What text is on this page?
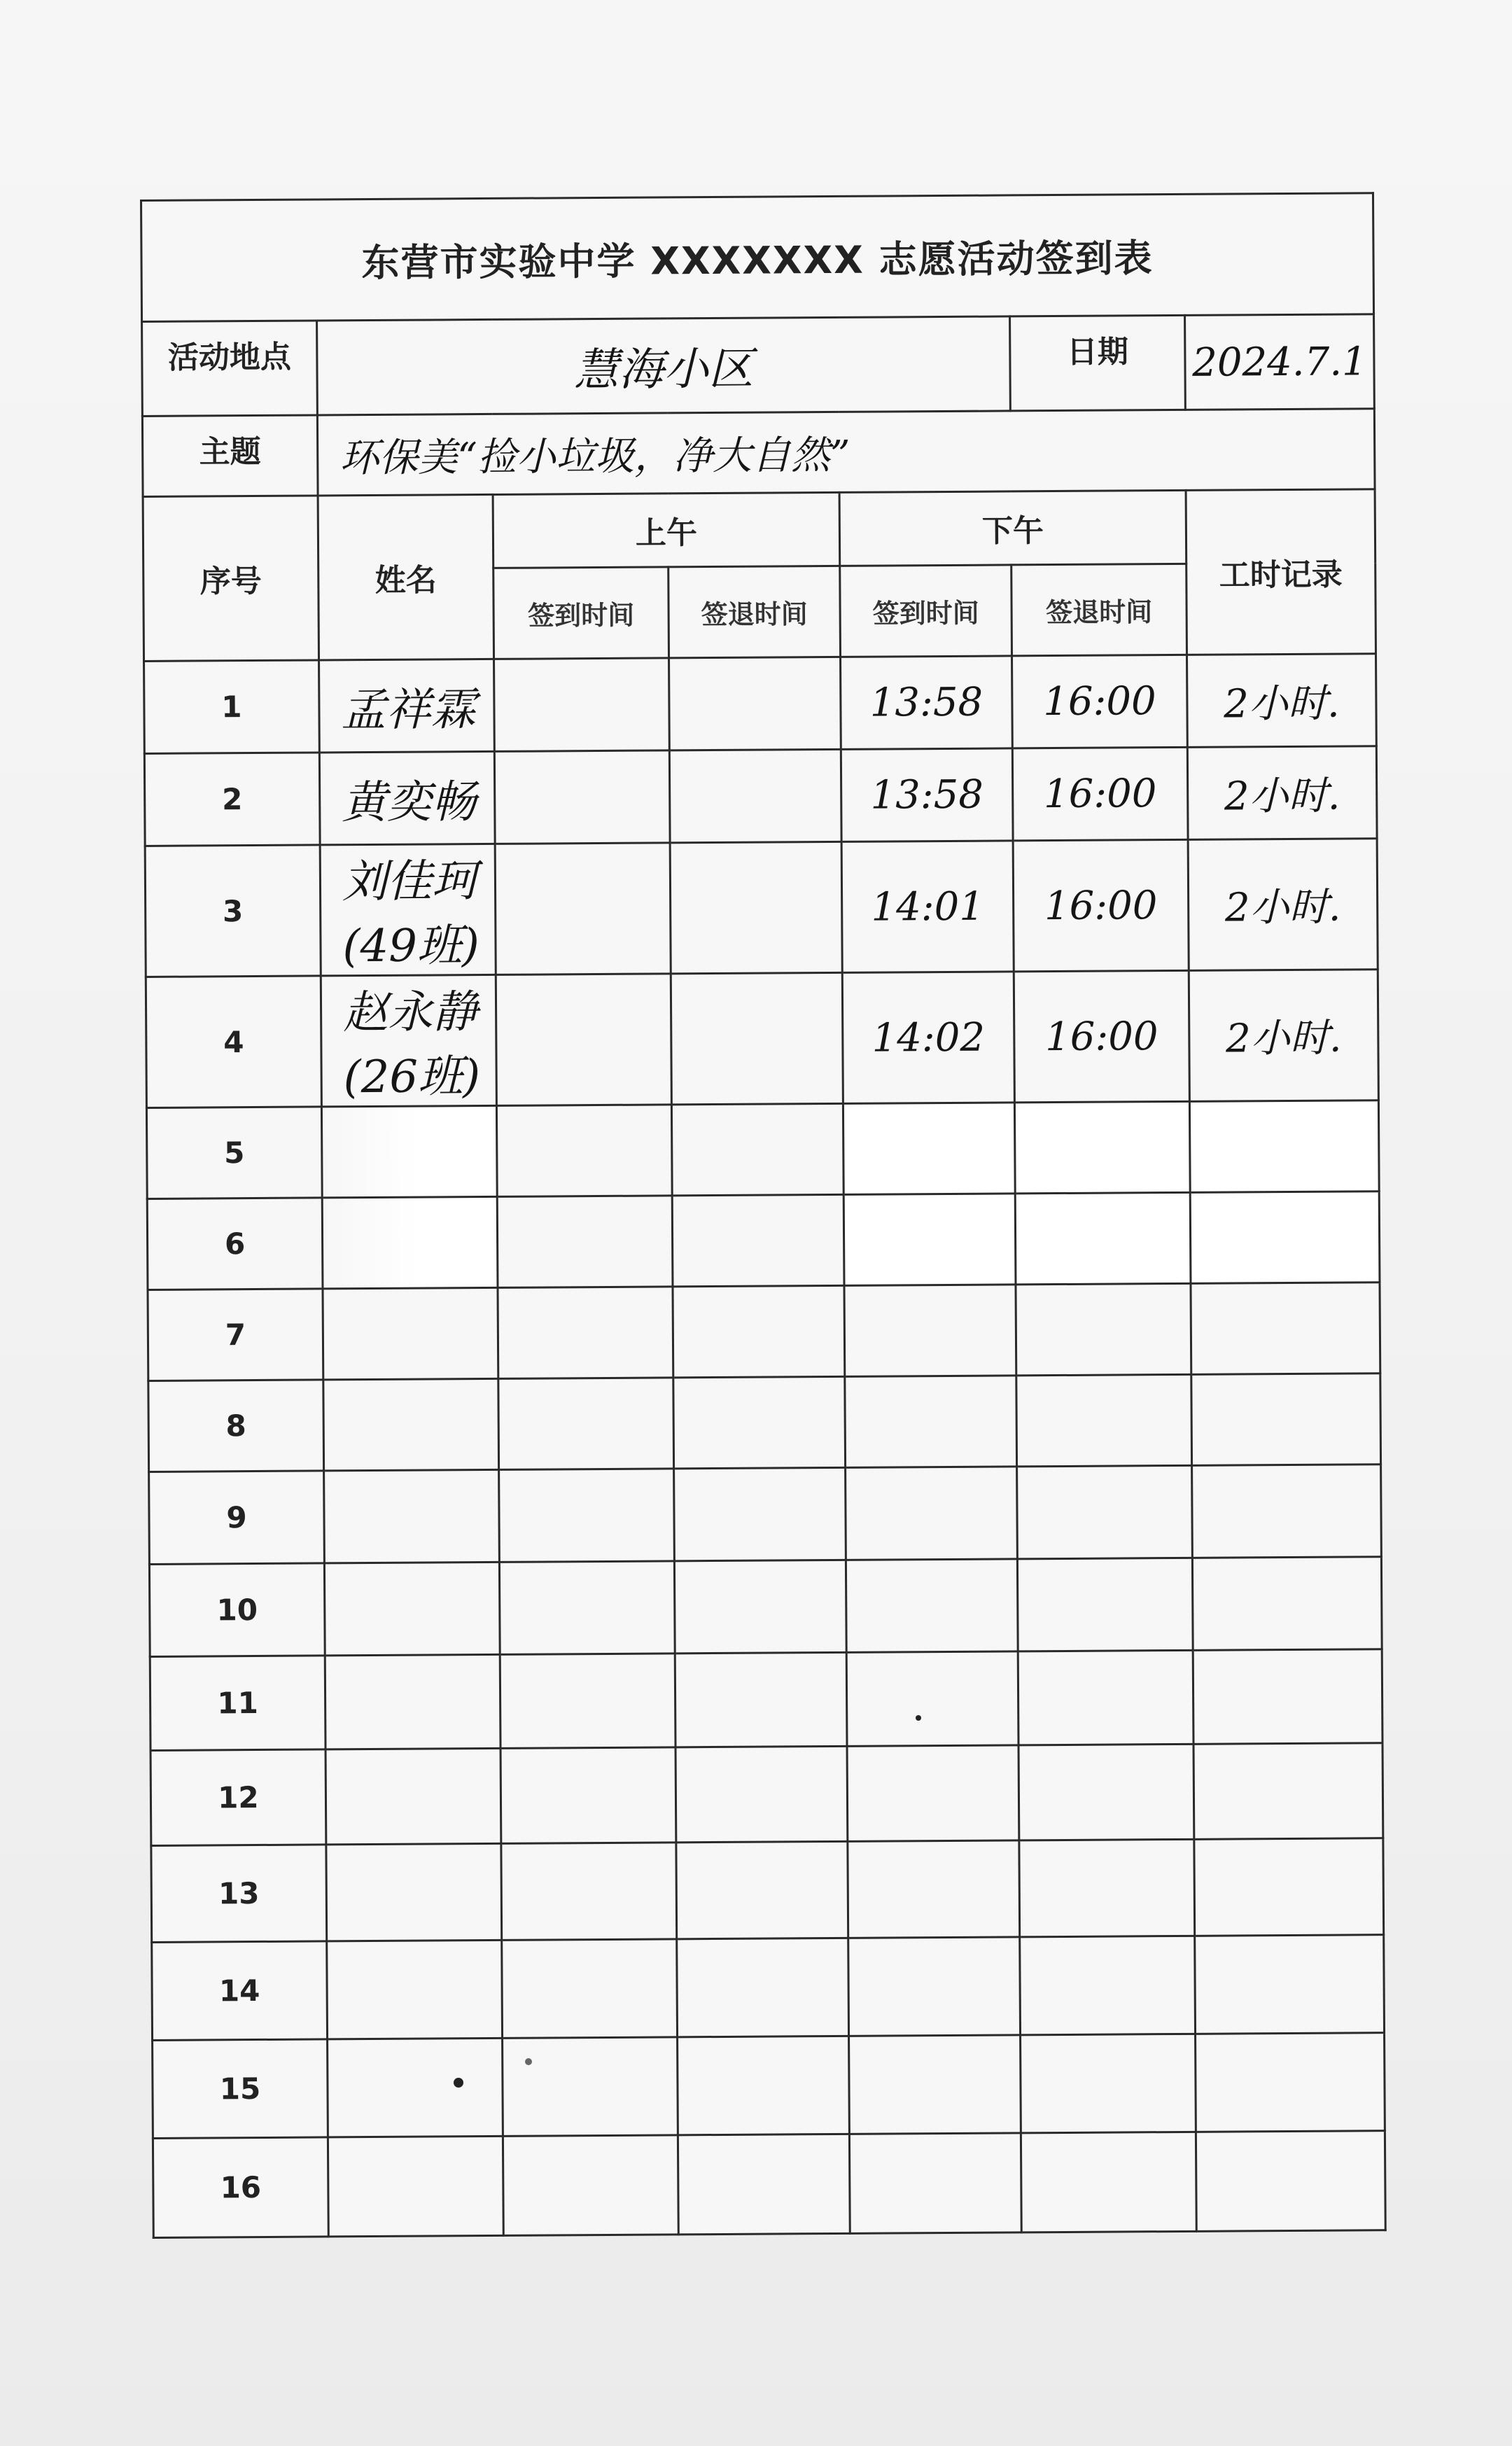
东营市实验中学 XXXXXXX 志愿活动签到表						
活动地点	慧海小区				日期	2024.7.1
主题	环保美“捡小垃圾，净大自然”					
序号	姓名	上午		下午		工时记录
		签到时间	签退时间	签到时间	签退时间	
1	孟祥霖			13:58	16:00	2小时.
2	黄奕畅			13:58	16:00	2小时.
3	刘佳珂(49班)			14:01	16:00	2小时.
4	赵永静(26班)			14:02	16:00	2小时.
5						
6						
7						
8						
9						
10						
11						
12						
13						
14						
15						
16						
